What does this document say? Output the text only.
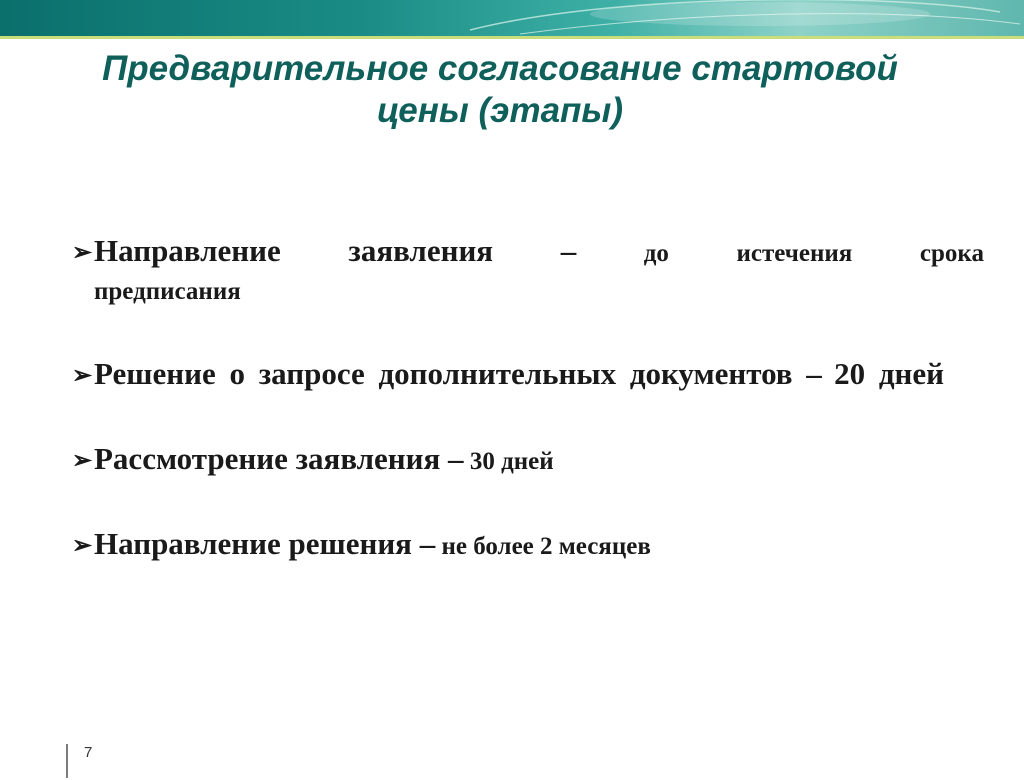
Предварительное согласование стартовой
цены (этапы)
➢ Направление заявления –	до	истечения	срока
предписания
➢ Решение о запросе дополнительных документов – 20 дней
➢ Рассмотрение заявления – 30 дней
➢ Направление решения – не более 2 месяцев
7
